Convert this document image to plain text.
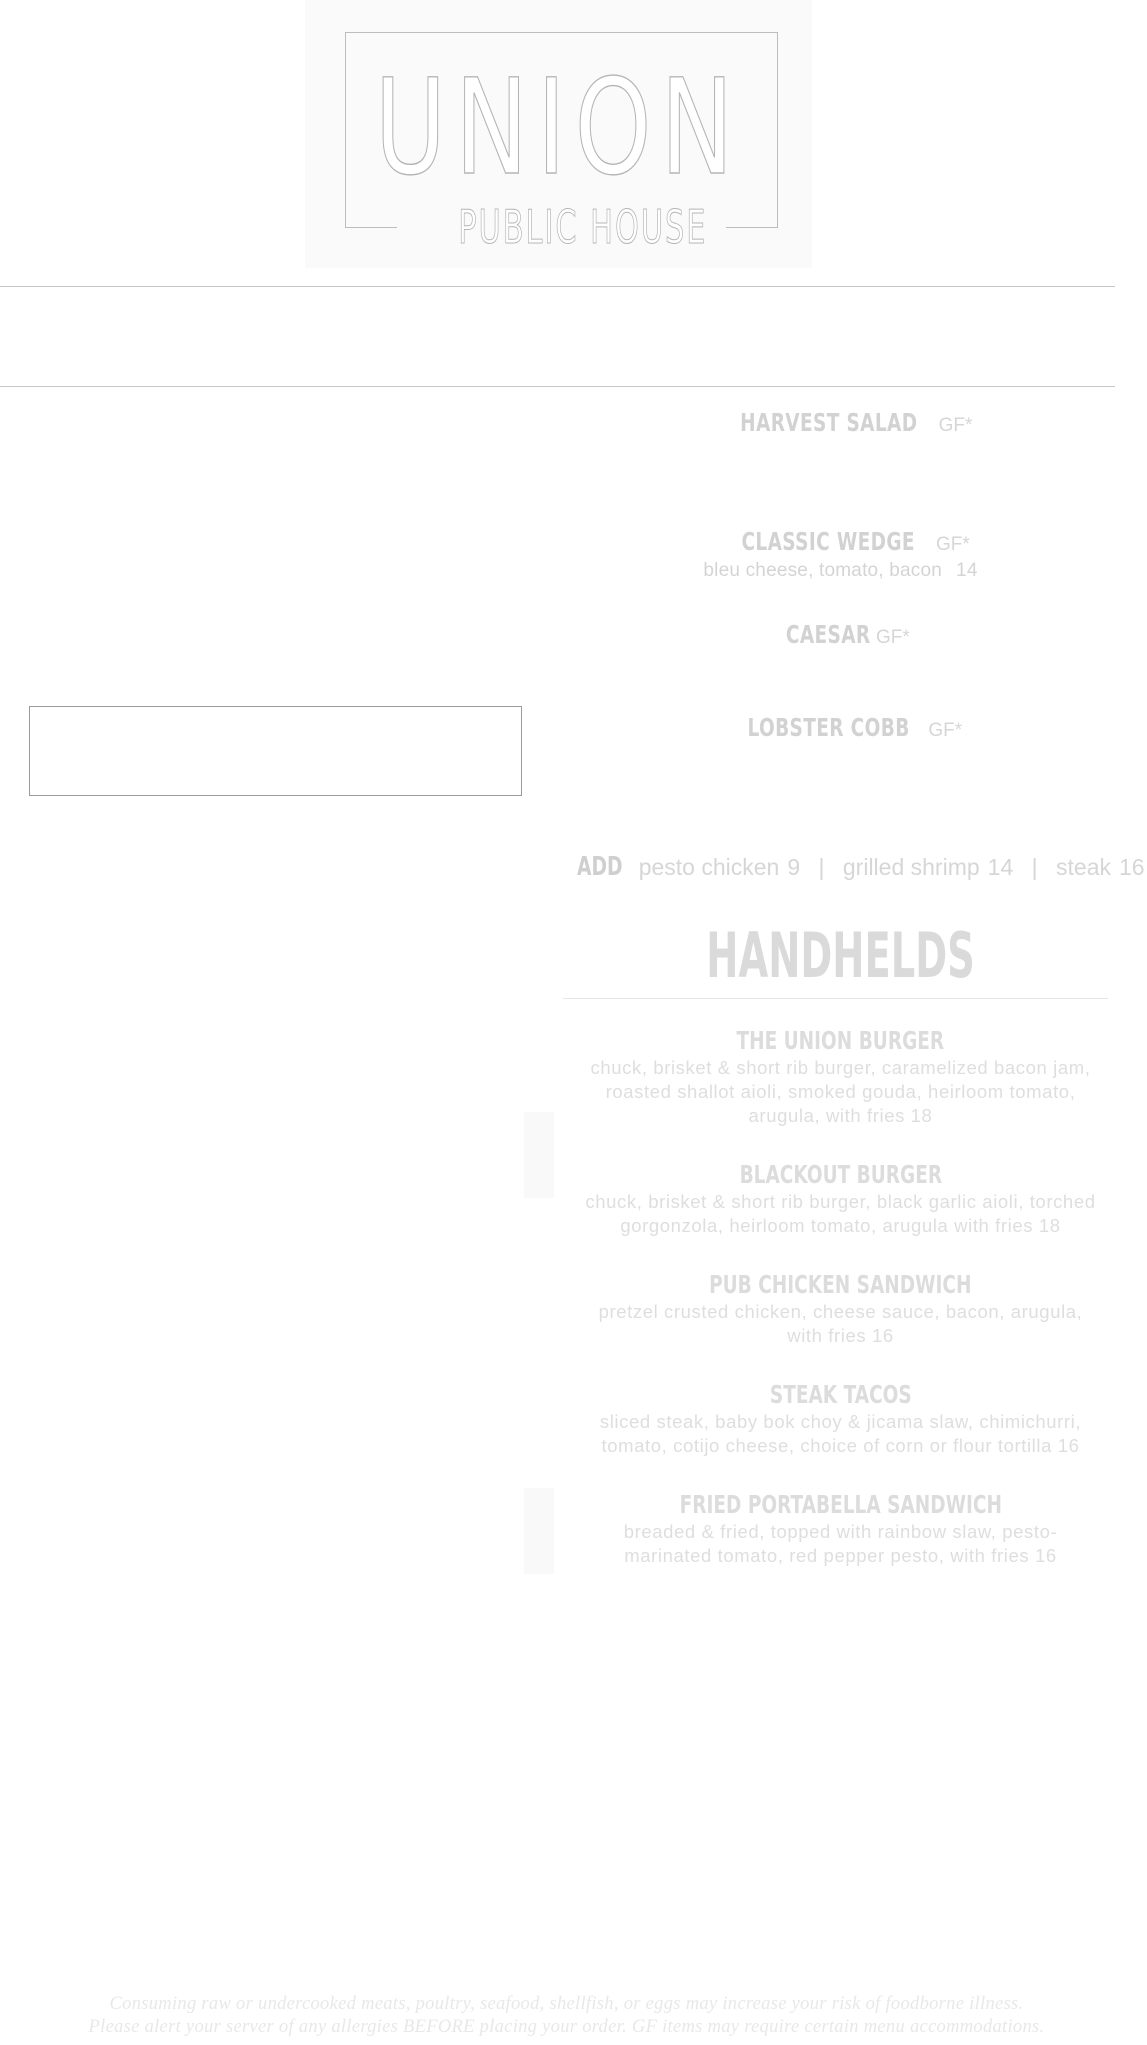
UNION
PUBLIC HOUSE
HARVEST SALAD GF*
CLASSIC WEDGE GF*
bleu cheese, tomato, bacon 14
CAESAR GF*
LOBSTER COBB GF*
ADD pesto chicken 9 | grilled shrimp 14 | steak 16
HANDHELDS
THE UNION BURGER
chuck, brisket & short rib burger, caramelized bacon jam, roasted shallot aioli, smoked gouda, heirloom tomato, arugula, with fries 18
BLACKOUT BURGER
chuck, brisket & short rib burger, black garlic aioli, torched gorgonzola, heirloom tomato, arugula with fries 18
PUB CHICKEN SANDWICH
pretzel crusted chicken, cheese sauce, bacon, arugula, with fries 16
STEAK TACOS
sliced steak, baby bok choy & jicama slaw, chimichurri, tomato, cotijo cheese, choice of corn or flour tortilla 16
FRIED PORTABELLA SANDWICH
breaded & fried, topped with rainbow slaw, pesto-marinated tomato, red pepper pesto, with fries 16
Consuming raw or undercooked meats, poultry, seafood, shellfish, or eggs may increase your risk of foodborne illness.
Please alert your server of any allergies BEFORE placing your order. GF items may require certain menu accommodations.
